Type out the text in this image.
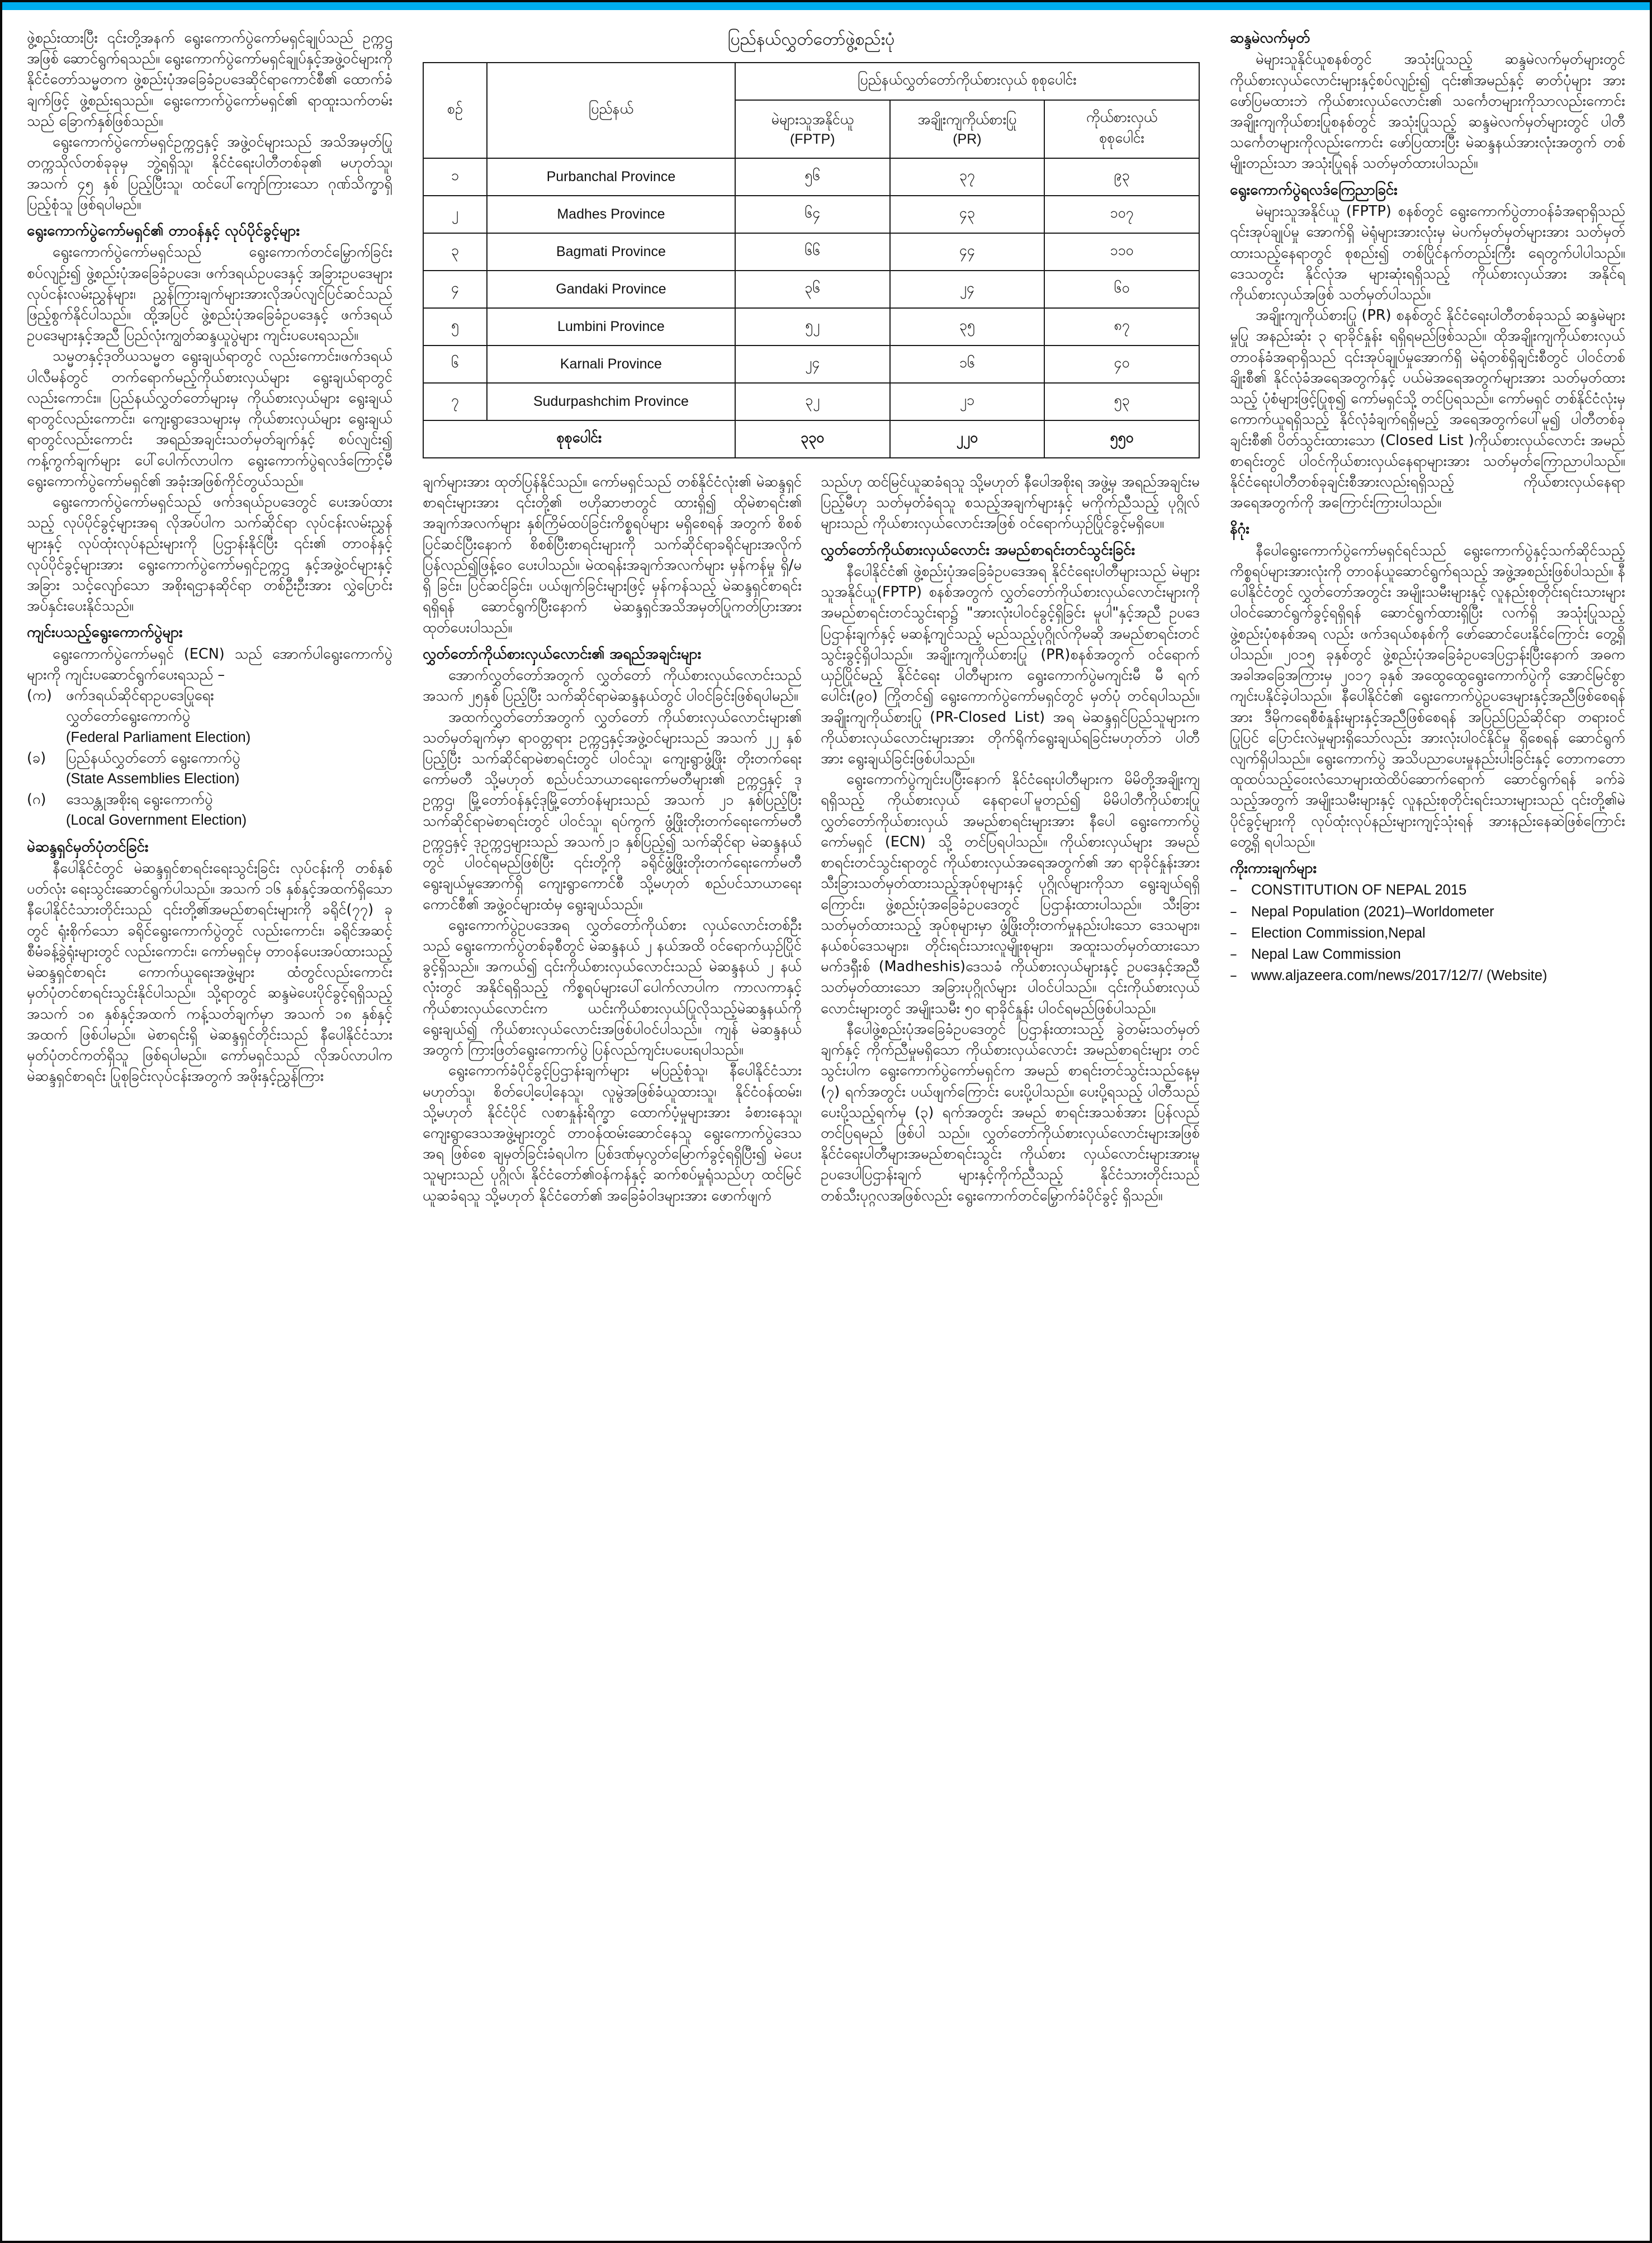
ဖွဲ့စည်းထားပြီး ၎င်းတို့အနက် ရွေးကောက်ပွဲကော်မရှင်ချုပ်သည် ဥက္ကဌအဖြစ် ဆောင်ရွက်ရသည်။ ရွေးကောက်ပွဲကော်မရှင်ချုပ်နှင့်အဖွဲ့ဝင်များကို နိုင်ငံတော်သမ္မတက ဖွဲ့စည်းပုံအခြေခံဥပဒေဆိုင်ရာကောင်စီ၏ ထောက်ခံချက်ဖြင့် ဖွဲ့စည်းရသည်။ ရွေးကောက်ပွဲကော်မရှင်၏ ရာထူးသက်တမ်းသည် ခြောက်နှစ်ဖြစ်သည်။

ရွေးကောက်ပွဲကော်မရှင်ဥက္ကဌနှင့် အဖွဲ့ဝင်များသည် အသိအမှတ်ပြုတက္ကသိုလ်တစ်ခုခုမှ ဘွဲ့ရရှိသူ၊ နိုင်ငံရေးပါတီတစ်ခု၏ မဟုတ်သူ၊ အသက် ၄၅ နှစ် ပြည့်ပြီးသူ၊ ထင်ပေါ်ကျော်ကြားသော ဂုဏ်သိက္ခာရှိပြည့်စုံသူ ဖြစ်ရပါမည်။

ရွေးကောက်ပွဲကော်မရှင်၏ တာဝန်နှင့် လုပ်ပိုင်ခွင့်များ

ရွေးကောက်ပွဲကော်မရှင်သည် ရွေးကောက်တင်မြှောက်ခြင်းစပ်လျဉ်း၍ ဖွဲ့စည်းပုံအခြေခံဥပဒေ၊ ဖက်ဒရယ်ဥပဒေနှင့် အခြားဥပဒေများ လုပ်ငန်းလမ်းညွှန်များ၊ ညွှန်ကြားချက်များအားလိုအပ်လျင်ပြင်ဆင်သည်ဖြည့်စွက်နိုင်ပါသည်။ ထို့အပြင် ဖွဲ့စည်းပုံအခြေခံဥပဒေနှင့် ဖက်ဒရယ်ဥပဒေများနှင့်အညီ ပြည်လုံးကျွတ်ဆန္ဒယူပွဲများ ကျင်းပပေးရသည်။

သမ္မတနှင့်ဒုတိယသမ္မတ ရွေးချယ်ရာတွင် လည်းကောင်း၊ဖက်ဒရယ်ပါလီမန်တွင် တက်ရောက်မည့်ကိုယ်စားလှယ်များ ရွေးချယ်ရာတွင် လည်းကောင်း။ ပြည်နယ်လွှတ်တော်များမှ ကိုယ်စားလှယ်များ ရွေးချယ်ရာတွင်လည်းကောင်း၊ ကျေးရွာဒေသများမှ ကိုယ်စားလှယ်များ ရွေးချယ်ရာတွင်လည်းကောင်း အရည်အချင်းသတ်မှတ်ချက်နှင့် စပ်လျင်း၍ ကန့်ကွက်ချက်များ ပေါ်ပေါက်လာပါက ရွေးကောက်ပွဲရလဒ်ကြောင့်မီ ရွေးကောက်ပွဲကော်မရှင်၏ အခုံးအဖြစ်ကိုင်တွယ်သည်။

ရွေးကောက်ပွဲကော်မရှင်သည် ဖက်ဒရယ်ဥပဒေတွင် ပေးအပ်ထားသည့် လုပ်ပိုင်ခွင့်များအရ လိုအပ်ပါက သက်ဆိုင်ရာ လုပ်ငန်းလမ်းညွှန်များနှင့် လုပ်ထုံးလုပ်နည်းများကို ပြဌာန်းနိုင်ပြီး ၎င်း၏ တာဝန်နှင့်လုပ်ပိုင်ခွင့်များအား ရွေးကောက်ပွဲကော်မရှင်ဥက္ကဌ နှင့်အဖွဲ့ဝင်များနှင့် အခြား သင့်လျော်သော အစိုးရဌာနဆိုင်ရာ တစ်ဦးဦးအား လွှဲပြောင်းအပ်နှင်းပေးနိုင်သည်။

ကျင်းပသည့်ရွေးကောက်ပွဲများ

ရွေးကောက်ပွဲကော်မရှင် (ECN) သည် အောက်ပါရွေးကောက်ပွဲများကို ကျင်းပဆောင်ရွက်ပေးရသည် –

(က) ဖက်ဒရယ်ဆိုင်ရာဥပဒေပြုရေး
လွှတ်တော်ရွေးကောက်ပွဲ
(Federal Parliament Election)
(ခ)	ပြည်နယ်လွှတ်တော် ရွေးကောက်ပွဲ
(State Assemblies Election)
(ဂ)	ဒေသန္တုအစိုးရ ရွေးကောက်ပွဲ
(Local Government Election)
မဲဆန္ဒရှင်မှတ်ပုံတင်ခြင်း

နီပေါနိုင်ငံတွင် မဲဆန္ဒရှင်စာရင်းရေးသွင်းခြင်း လုပ်ငန်းကို တစ်နှစ်ပတ်လုံး ရေးသွင်းဆောင်ရွက်ပါသည်။ အသက် ၁၆ နှစ်နှင့်အထက်ရှိသော နီပေါနိုင်ငံသားတိုင်းသည် ၎င်းတို့၏အမည်စာရင်းများကို ခရိုင်(၇၇) ခုတွင် ရုံးစိုက်သော ခရိုင်ရွေးကောက်ပွဲတွင် လည်းကောင်း၊ ခရိုင်အဆင့် စီမံခန့်ခွဲရုံးများတွင် လည်းကောင်း၊ ကော်မရှင်မှ တာဝန်ပေးအပ်ထားသည့် မဲဆန္ဒရှင်စာရင်း ကောက်ယူရေးအဖွဲ့များ ထံတွင်လည်းကောင်း မှတ်ပုံတင်စာရင်းသွင်းနိုင်ပါသည်။ သို့ရာတွင် ဆန္ဒမဲပေးပိုင်ခွင့်ရရှိသည့် အသက် ၁၈ နှစ်နှင့်အထက် ကန့်သတ်ချက်မှာ အသက် ၁၈ နှစ်နှင့်အထက် ဖြစ်ပါမည်။ မဲစာရင်းရှိ မဲဆန္ဒရှင်တိုင်းသည် နီပေါနိုင်ငံသားမှတ်ပုံတင်ကတ်ရှိသူ ဖြစ်ရပါမည်။ ကော်မရှင်သည် လိုအပ်လာပါက မဲဆန္ဒရှင်စာရင်း ပြုစုခြင်းလုပ်ငန်းအတွက် အဖိုးနှင့်ညွှန်ကြား

ပြည်နယ်လွှတ်တော်ဖွဲ့စည်းပုံ
စဉ်	ပြည်နယ်	ပြည်နယ်လွှတ်တော်ကိုယ်စားလှယ် စုစုပေါင်း		

မဲများသူအနိုင်ယူ
(FPTP)

အချိုးကျကိုယ်စားပြု
(PR)

ကိုယ်စားလှယ်
စုစုပေါင်း

၁	Purbanchal Province	၅၆	၃၇	၉၃
၂	Madhes Province	၆၄	၄၃	၁၀၇
၃	Bagmati Province	၆၆	၄၄	၁၁၀
၄	Gandaki Province	၃၆	၂၄	၆၀
၅	Lumbini Province	၅၂	၃၅	၈၇
၆	Karnali Province	၂၄	၁၆	၄၀
၇	Sudurpashchim Province	၃၂	၂၁	၅၃
စုစုပေါင်း		၃၃၀	၂၂၀	၅၅၀

ချက်များအား ထုတ်ပြန်နိုင်သည်။ ကော်မရှင်သည် တစ်နိုင်ငံလုံး၏ မဲဆန္ဒရှင်စာရင်းများအား ၎င်းတို့၏ ဗဟိုဆာဗာတွင် ထားရှိ၍ ထိုမဲစာရင်း၏ အချက်အလက်များ နှစ်ကြိမ်ထပ်ခြင်းကိစ္စရပ်များ မရှိစေရန် အတွက် စိစစ်ပြင်ဆင်ပြီးနောက် စိစစ်ပြီးစာရင်းများကို သက်ဆိုင်ရာခရိုင်များအလိုက် ပြန်လည်၍ဖြန့်ဝေ ပေးပါသည်။ မဲထရန်းအချက်အလက်များ မှန်ကန်မှု ရှိ/မရှိ ခြင်း၊ ပြင်ဆင်ခြင်း၊ ပယ်ဖျက်ခြင်းများဖြင့် မှန်ကန်သည့် မဲဆန္ဒရှင်စာရင်းရရှိရန် ဆောင်ရွက်ပြီးနောက် မဲဆန္ဒရှင်အသိအမှတ်ပြုကတ်ပြားအား ထုတ်ပေးပါသည်။

လွှတ်တော်ကိုယ်စားလှယ်လောင်း၏ အရည်အချင်းများ

အောက်လွှတ်တော်အတွက် လွှတ်တော် ကိုယ်စားလှယ်လောင်းသည် အသက် ၂၅နှစ် ပြည့်ပြီး သက်ဆိုင်ရာမဲဆန္ဒနယ်တွင် ပါဝင်ခြင်းဖြစ်ရပါမည်။

အထက်လွှတ်တော်အတွက် လွှတ်တော် ကိုယ်စားလှယ်လောင်းများ၏ သတ်မှတ်ချက်မှာ ရာဝတ္တရား ဥက္ကဌနှင့်အဖွဲ့ဝင်များသည် အသက် ၂၂ နှစ်ပြည့်ပြီး သက်ဆိုင်ရာမဲစာရင်းတွင် ပါဝင်သူ၊ ကျေးရွာဖွံ့ဖြိုး တိုးတက်ရေးကော်မတီ သို့မဟုတ် စည်ပင်သာယာရေးကော်မတီများ၏ ဥက္ကဌနှင့် ဒုဥက္ကဌ၊ မြို့တော်ဝန်နှင့်ဒုမြို့တော်ဝန်များသည် အသက် ၂၁ နှစ်ပြည့်ပြီး သက်ဆိုင်ရာမဲစာရင်းတွင် ပါဝင်သူ၊ ရပ်ကွက် ဖွံ့ဖြိုးတိုးတက်ရေးကော်မတီဥက္ကဌနှင့် ဒုဥက္ကဌများသည် အသက်၂၁ နှစ်ပြည့်၍ သက်ဆိုင်ရာ မဲဆန္ဒနယ်တွင် ပါဝင်ရမည်ဖြစ်ပြီး ၎င်းတို့ကို ခရိုင်ဖွံ့ဖြိုးတိုးတက်ရေးကော်မတီ ရွေးချယ်မှုအောက်ရှိ ကျေးရွာကောင်စီ သို့မဟုတ် စည်ပင်သာယာရေး ကောင်စီ၏ အဖွဲ့ဝင်များထံမှ ရွေးချယ်သည်။

ရွေးကောက်ပွဲဥပဒေအရ လွှတ်တော်ကိုယ်စား လှယ်လောင်းတစ်ဦးသည် ရွေးကောက်ပွဲတစ်ခုစီတွင် မဲဆန္ဒနယ် ၂ နယ်အထိ ဝင်ရောက်ယှဉ်ပြိုင်ခွင့်ရှိသည်။ အကယ်၍ ၎င်းကိုယ်စားလှယ်လောင်းသည် မဲဆန္ဒနယ် ၂ နယ်လုံးတွင် အနိုင်ရရှိသည့် ကိစ္စရပ်များပေါ်ပေါက်လာပါက ကာလကာနှင့် ကိုယ်စားလှယ်လောင်းက ယင်းကိုယ်စားလှယ်ပြုလိုသည့်မဲဆန္ဒနယ်ကို ရွေးချယ်၍ ကိုယ်စားလှယ်လောင်းအဖြစ်ပါဝင်ပါသည်။ ကျန် မဲဆန္ဒနယ်အတွက် ကြားဖြတ်ရွေးကောက်ပွဲ ပြန်လည်ကျင်းပပေးရပါသည်။

ရွေးကောက်ခံပိုင်ခွင့်ပြဌာန်းချက်များ မပြည့်စုံသူ၊ နီပေါနိုင်ငံသားမဟုတ်သူ၊ စိတ်ပေါ့ပေါ့နေသူ၊ လူမွဲအဖြစ်ခံယူထားသူ၊ နိုင်ငံဝန်ထမ်း၊ သို့မဟုတ် နိုင်ငံပိုင် လစာနှုန်းရိက္ခာ ထောက်ပံ့မှုများအား ခံစားနေသူ၊ ကျေးရွာဒေသအဖွဲ့များတွင် တာဝန်ထမ်းဆောင်နေသူ ရွေးကောက်ပွဲဒေသအရ ဖြစ်စေ ချမှတ်ခြင်းခံရပါက ပြစ်ဒဏ်မှလွတ်မြောက်ခွင့်ရရှိပြီး၍ မဲပေးသူများသည် ပုဂ္ဂိုလ်၊ နိုင်ငံတော်၏ဝန်ကန်နှင့် ဆက်စပ်မှုရုံသည်ဟု ထင်မြင်ယူဆခံရသူ သို့မဟုတ် နိုင်ငံတော်၏ အခြေခံဝါဒများအား ဖောက်ဖျက်

သည်ဟု ထင်မြင်ယူဆခံရသူ သို့မဟုတ် နီပေါအစိုးရ အဖွဲ့မှ အရည်အချင်းမပြည့်မီဟု သတ်မှတ်ခံရသူ စသည့်အချက်များနှင့် မကိုက်ညီသည့် ပုဂ္ဂိုလ်များသည် ကိုယ်စားလှယ်လောင်းအဖြစ် ဝင်ရောက်ယှဉ်ပြိုင်ခွင့်မရှိပေ။

လွှတ်တော်ကိုယ်စားလှယ်လောင်း အမည်စာရင်းတင်သွင်းခြင်း

နီပေါနိုင်ငံ၏ ဖွဲ့စည်းပုံအခြေခံဥပဒေအရ နိုင်ငံရေးပါတီများသည် မဲများသူအနိုင်ယူ(FPTP) စနစ်အတွက် လွှတ်တော်ကိုယ်စားလှယ်လောင်းများကို အမည်စာရင်းတင်သွင်းရာ၌ "အားလုံးပါဝင်ခွင့်ရှိခြင်း မူပါ"နှင့်အညီ ဥပဒေပြဌာန်းချက်နှင့် မဆန့်ကျင်သည့် မည်သည့်ပုဂ္ဂိုလ်ကိုမဆို အမည်စာရင်းတင်သွင်းခွင့်ရှိပါသည်။ အချိုးကျကိုယ်စားပြု (PR)စနစ်အတွက် ဝင်ရောက်ယှဉ်ပြိုင်မည့် နိုင်ငံရေး ပါတီများက ရွေးကောက်ပွဲမကျင်းမီ မီ ရက်ပေါင်း(၉၀) ကြိုတင်၍ ရွေးကောက်ပွဲကော်မရှင်တွင် မှတ်ပုံ တင်ရပါသည်။ အချိုးကျကိုယ်စားပြု (PR-Closed List) အရ မဲဆန္ဒရှင်ပြည်သူများက ကိုယ်စားလှယ်လောင်းများအား တိုက်ရိုက်ရွေးချယ်ရခြင်းမဟုတ်ဘဲ ပါတီအား ရွေးချယ်ခြင်းဖြစ်ပါသည်။

ရွေးကောက်ပွဲကျင်းပပြီးနောက် နိုင်ငံရေးပါတီများက မိမိတို့အချိုးကျရရှိသည့် ကိုယ်စားလှယ် နေရာပေါ်မူတည်၍ မိမိပါတီကိုယ်စားပြု လွှတ်တော်ကိုယ်စားလှယ် အမည်စာရင်းများအား နီပေါ ရွေးကောက်ပွဲကော်မရှင် (ECN) သို့ တင်ပြရပါသည်။ ကိုယ်စားလှယ်များ အမည်စာရင်းတင်သွင်းရာတွင် ကိုယ်စားလှယ်အရေအတွက်၏ အာ ရာခိုင်နှုန်းအား သီးခြားသတ်မှတ်ထားသည့်အုပ်စုများနှင့် ပုဂ္ဂိုလ်များကိုသာ ရွေးချယ်ရရှိကြောင်း၊ ဖွဲ့စည်းပုံအခြေခံဥပဒေတွင် ပြဌာန်းထားပါသည်။ သီးခြားသတ်မှတ်ထားသည့် အုပ်စုများမှာ ဖွံ့ဖြိုးတိုးတက်မှုနည်းပါးသော ဒေသများ၊ နယ်စပ်ဒေသများ၊ တိုင်းရင်းသားလူမျိုးစုများ၊ အထူးသတ်မှတ်ထားသော မက်ဒရှီးစ် (Madheshis)ဒေသခံ ကိုယ်စားလှယ်များနှင့် ဥပဒေနှင့်အညီ သတ်မှတ်ထားသော အခြားပုဂ္ဂိုလ်များ ပါဝင်ပါသည်။ ၎င်းကိုယ်စားလှယ်လောင်းများတွင် အမျိုးသမီး ၅၀ ရာခိုင်နှုန်း ပါဝင်ရမည်ဖြစ်ပါသည်။

နီပေါဖွဲ့စည်းပုံအခြေခံဥပဒေတွင် ပြဌာန်းထားသည့် ခွဲတမ်းသတ်မှတ်ချက်နှင့် ကိုက်ညီမှုမရှိသော ကိုယ်စားလှယ်လောင်း အမည်စာရင်းများ တင်သွင်းပါက ရွေးကောက်ပွဲကော်မရှင်က အမည် စာရင်းတင်သွင်းသည်နေ့မှ (၇) ရက်အတွင်း ပယ်ဖျက်ကြောင်း ပေးပို့ပါသည်။ ပေးပို့ရသည့် ပါတီသည် ပေးပို့သည့်ရက်မှ (၃) ရက်အတွင်း အမည် စာရင်းအသစ်အား ပြန်လည်တင်ပြရမည် ဖြစ်ပါ သည်။ လွှတ်တော်ကိုယ်စားလှယ်လောင်းများအဖြစ် နိုင်ငံရေးပါတီများအမည်စာရင်းသွင်း ကိုယ်စား လှယ်လောင်းများအားမူ ဥပဒေပါပြဌာန်းချက် များနှင့်ကိုက်ညီသည့် နိုင်ငံသားတိုင်းသည် တစ်သီးပုဂ္ဂလအဖြစ်လည်း ရွေးကောက်တင်မြှောက်ခံပိုင်ခွင့် ရှိသည်။

ဆန္ဒမဲလက်မှတ်

မဲများသူနိုင်ယူစနစ်တွင် အသုံးပြုသည့် ဆန္ဒမဲလက်မှတ်များတွင် ကိုယ်စားလှယ်လောင်းများနှင့်စပ်လျဉ်း၍ ၎င်း၏အမည်နှင့် ဓာတ်ပုံများ အား ဖော်ပြမထားဘဲ ကိုယ်စားလှယ်လောင်း၏ သင်္ကေတများကိုသာလည်းကောင်း အချိုးကျကိုယ်စားပြုစနစ်တွင် အသုံးပြုသည့် ဆန္ဒမဲလက်မှတ်များတွင် ပါတီသင်္ကေတများကိုလည်းကောင်း ဖော်ပြထားပြီး မဲဆန္ဒနယ်အားလုံးအတွက် တစ်မျိုးတည်းသာ အသုံးပြုရန် သတ်မှတ်ထားပါသည်။

ရွေးကောက်ပွဲရလဒ်ကြေညာခြင်း

မဲများသူအနိုင်ယူ (FPTP) စနစ်တွင် ရွေးကောက်ပွဲတာဝန်ခံအရာရှိသည် ၎င်းအုပ်ချုပ်မှု အောက်ရှိ မဲရုံများအားလုံးမှ မဲပက်မှတ်မှတ်များအား သတ်မှတ်ထားသည့်နေရာတွင် စုစည်း၍ တစ်ပြိုင်နက်တည်းကြီး ရေတွက်ပါပါသည်။ ဒေသတွင်း နိုင်လုံအ များဆုံးရရှိသည့် ကိုယ်စားလှယ်အား အနိုင်ရကိုယ်စားလှယ်အဖြစ် သတ်မှတ်ပါသည်။

အချိုးကျကိုယ်စားပြု (PR) စနစ်တွင် နိုင်ငံရေးပါတီတစ်ခုသည် ဆန္ဒမဲများမှုပြု အနည်းဆုံး ၃ ရာခိုင်နှုန်း ရရှိရမည်ဖြစ်သည်။ ထိုအချိုးကျကိုယ်စားလှယ်တာဝန်ခံအရာရှိသည် ၎င်းအုပ်ချုပ်မှုအောက်ရှိ မဲရုံတစ်ရှိချင်းစီတွင် ပါဝင်တစ်ချိုးစီ၏ နိုင်လုံခံအရေအတွက်နှင့် ပယ်မဲအရေအတွက်များအား သတ်မှတ်ထားသည့် ပုံစံများဖြင့်ပြုစု၍ ကော်မရှင်သို့ တင်ပြရသည်။ ကော်မရှင် တစ်နိုင်ငံလုံးမှ ကောက်ယူရရှိသည့် နိုင်လုံခံချက်ရရှိမည့် အရေအတွက်ပေါ်မူ၍ ပါတီတစ်ခုချင်းစီ၏ ပိတ်သွင်းထားသော (Closed List )ကိုယ်စားလှယ်လောင်း အမည်စာရင်းတွင် ပါဝင်ကိုယ်စားလှယ်နေရာများအား သတ်မှတ်ကြောညာပါသည်။ နိုင်ငံရေးပါတီတစ်ခုချင်းစီအားလည်းရရှိသည့် ကိုယ်စားလှယ်နေရာအရေအတွက်ကို အကြောင်းကြားပါသည်။

နိဂုံး

နီပေါရွေးကောက်ပွဲကော်မရှင်ရင်သည် ရွေးကောက်ပွဲနှင့်သက်ဆိုင်သည့် ကိစ္စရပ်များအားလုံးကို တာဝန်ယူဆောင်ရွက်ရသည့် အဖွဲ့အစည်းဖြစ်ပါသည်။ နီပေါနိုင်ငံတွင် လွှတ်တော်အတွင်း အမျိုးသမီးများနှင့် လူနည်းစုတိုင်းရင်းသားများ ပါဝင်ဆောင်ရွက်ခွင့်ရရှိရန် ဆောင်ရွက်ထားရှိပြီး လက်ရှိ အသုံးပြုသည့် ဖွဲ့စည်းပုံစနစ်အရ လည်း ဖက်ဒရယ်စနစ်ကို ဖော်ဆောင်ပေးနိုင်ကြောင်း တွေ့ရှိပါသည်။ ၂၀၁၅ ခုနှစ်တွင် ဖွဲ့စည်းပုံအခြေခံဥပဒေပြဌာန်းပြီးနောက် အဓက အခါအခြေအကြားမှ ၂၀၁၇ ခုနှစ် အထွေထွေရွေးကောက်ပွဲကို အောင်မြင်စွာ ကျင်းပနိုင်ခဲ့ပါသည်။ နီပေါနိုင်ငံ၏ ရွေးကောက်ပွဲဥပဒေများနှင့်အညီဖြစ်စေရန် အား ဒီမိုကရေစီစံနှုန်းများနှင့်အညီဖြစ်စေရန် အပြည်ပြည်ဆိုင်ရာ တရားဝင်ပြုပြင် ပြောင်းလဲမှုများရှိသော်လည်း အားလုံးပါဝင်နိုင်မှု ရှိစေရန် ဆောင်ရွက်လျက်ရှိပါသည်။ ရွေးကောက်ပွဲ အသိပညာပေးမှုနည်းပါးခြင်းနှင့် တောကတော ထူထပ်သည့်ဝေးလံသောများထဲထိပ်ဆောက်ရောက် ဆောင်ရွက်ရန် ခက်ခဲသည့်အတွက် အမျိုးသမီးများနှင့် လူနည်းစုတိုင်းရင်းသားများသည် ၎င်းတို့၏မဲပိုင်ခွင့်များကို လုပ်ထုံးလုပ်နည်းများကျင့်သုံးရန် အားနည်းနေဆဲဖြစ်ကြောင်း တွေ့ရှိ ရပါသည်။

ကိုးကားချက်များ
– CONSTITUTION OF NEPAL 2015
– Nepal Population (2021)–Worldometer
– Election Commission,Nepal
– Nepal Law Commission
– www.aljazeera.com/news/2017/12/7/ (Website)
